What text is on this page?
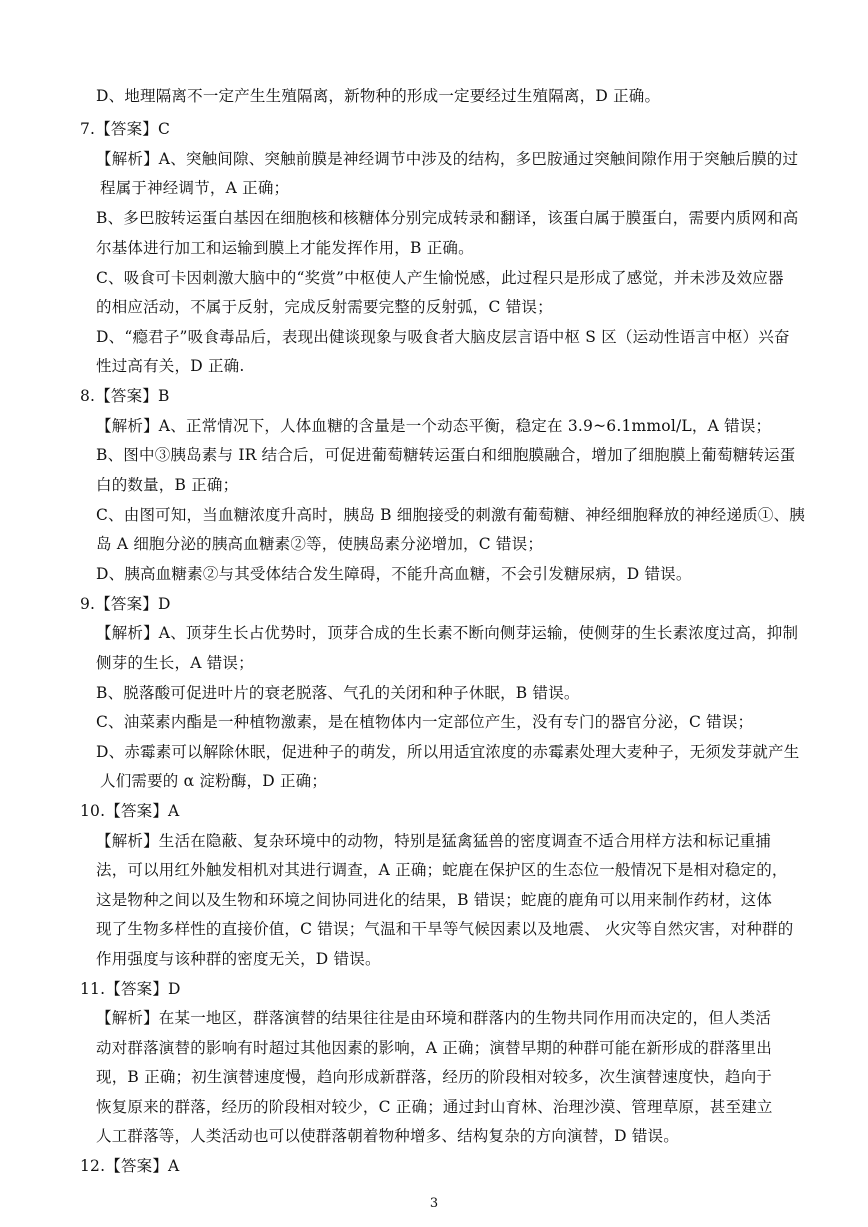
D、地理隔离不一定产生生殖隔离，新物种的形成一定要经过生殖隔离，D 正确。
7.【答案】C
【解析】A、突触间隙、突触前膜是神经调节中涉及的结构，多巴胺通过突触间隙作用于突触后膜的过
程属于神经调节，A 正确；
B、多巴胺转运蛋白基因在细胞核和核糖体分别完成转录和翻译，该蛋白属于膜蛋白，需要内质网和高
尔基体进行加工和运输到膜上才能发挥作用，B 正确。
C、吸食可卡因刺激大脑中的“奖赏”中枢使人产生愉悦感，此过程只是形成了感觉，并未涉及效应器
的相应活动，不属于反射，完成反射需要完整的反射弧，C 错误；
D、“瘾君子”吸食毒品后，表现出健谈现象与吸食者大脑皮层言语中枢 S 区（运动性语言中枢）兴奋
性过高有关，D 正确.
8.【答案】B
【解析】A、正常情况下，人体血糖的含量是一个动态平衡，稳定在 3.9~6.1mmol/L，A 错误；
B、图中③胰岛素与 IR 结合后，可促进葡萄糖转运蛋白和细胞膜融合，增加了细胞膜上葡萄糖转运蛋
白的数量，B 正确；
C、由图可知，当血糖浓度升高时，胰岛 B 细胞接受的刺激有葡萄糖、神经细胞释放的神经递质①、胰
岛 A 细胞分泌的胰高血糖素②等，使胰岛素分泌增加，C 错误；
D、胰高血糖素②与其受体结合发生障碍，不能升高血糖，不会引发糖尿病，D 错误。
9.【答案】D
【解析】A、顶芽生长占优势时，顶芽合成的生长素不断向侧芽运输，使侧芽的生长素浓度过高，抑制
侧芽的生长，A 错误；
B、脱落酸可促进叶片的衰老脱落、气孔的关闭和种子休眠，B 错误。
C、油菜素内酯是一种植物激素，是在植物体内一定部位产生，没有专门的器官分泌，C 错误；
D、赤霉素可以解除休眠，促进种子的萌发，所以用适宜浓度的赤霉素处理大麦种子，无须发芽就产生
人们需要的 α 淀粉酶，D 正确；
10.【答案】A
【解析】生活在隐蔽、复杂环境中的动物，特别是猛禽猛兽的密度调查不适合用样方法和标记重捕
法，可以用红外触发相机对其进行调查，A 正确；蛇鹿在保护区的生态位一般情况下是相对稳定的，
这是物种之间以及生物和环境之间协同进化的结果，B 错误；蛇鹿的鹿角可以用来制作药材，这体
现了生物多样性的直接价值，C 错误；气温和干旱等气候因素以及地震、 火灾等自然灾害，对种群的
作用强度与该种群的密度无关，D 错误。
11.【答案】D
【解析】在某一地区，群落演替的结果往往是由环境和群落内的生物共同作用而决定的，但人类活
动对群落演替的影响有时超过其他因素的影响，A 正确；演替早期的种群可能在新形成的群落里出
现，B 正确；初生演替速度慢，趋向形成新群落，经历的阶段相对较多，次生演替速度快，趋向于
恢复原来的群落，经历的阶段相对较少，C 正确；通过封山育林、治理沙漠、管理草原，甚至建立
人工群落等，人类活动也可以使群落朝着物种增多、结构复杂的方向演替，D 错误。
12.【答案】A
3
